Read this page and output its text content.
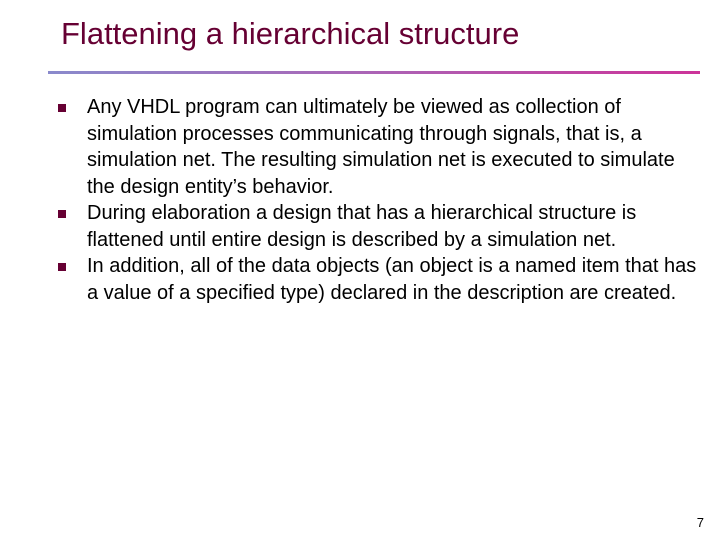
Flattening a hierarchical structure
Any VHDL program can ultimately be viewed as collection of simulation processes communicating through signals, that is, a simulation net. The resulting simulation net is executed to simulate the design entity’s behavior.
During elaboration a design that has a hierarchical structure is flattened until entire design is described by a simulation net.
In addition, all of the data objects (an object is a named item that has a value of a specified type) declared in the description are created.
7
